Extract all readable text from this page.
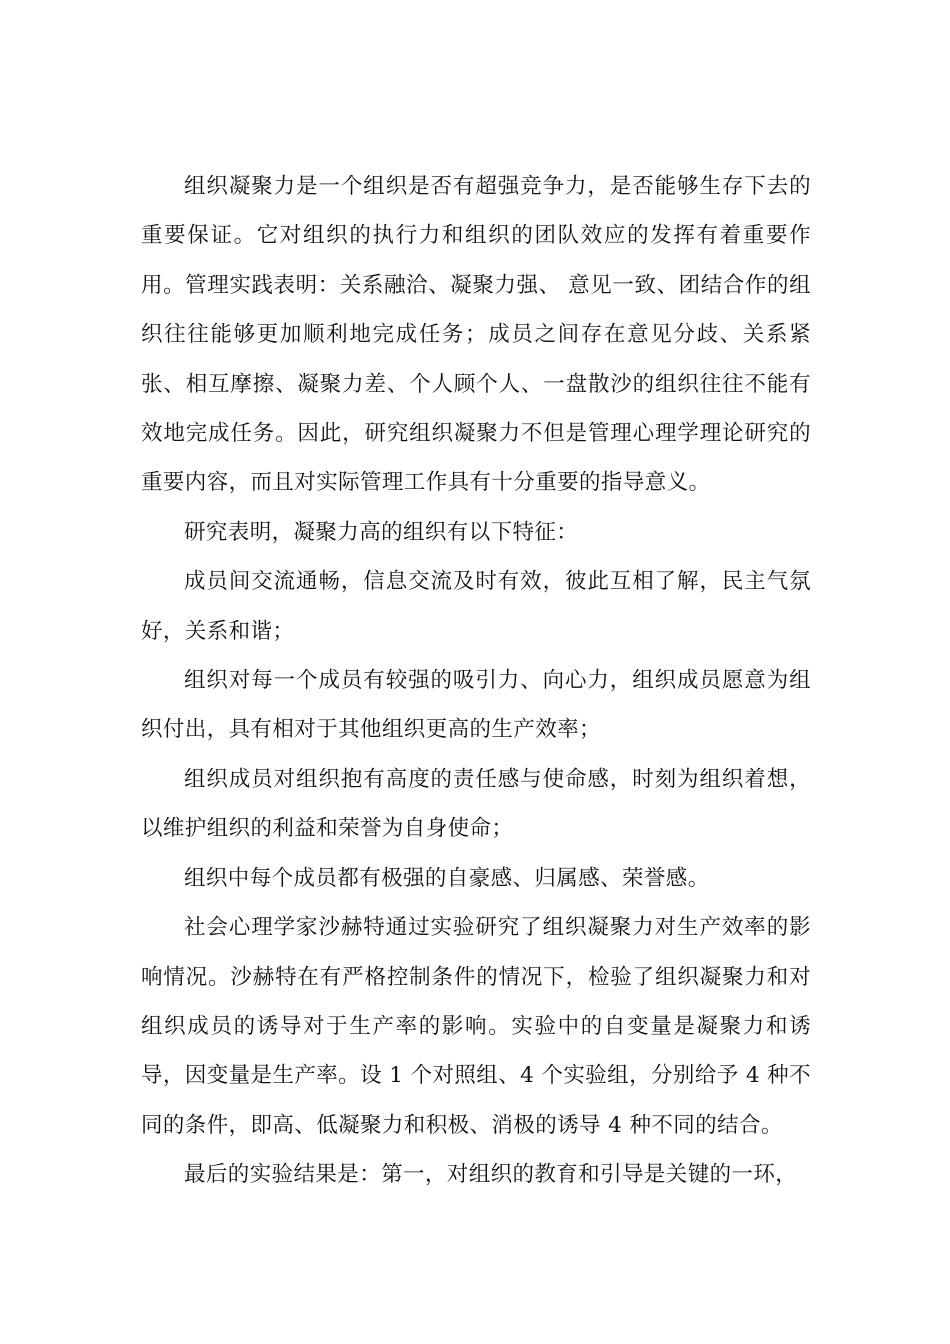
组织凝聚力是一个组织是否有超强竞争力，是否能够生存下去的重要保证。它对组织的执行力和组织的团队效应的发挥有着重要作用。管理实践表明：关系融洽、凝聚力强、 意见一致、团结合作的组织往往能够更加顺利地完成任务；成员之间存在意见分歧、关系紧张、相互摩擦、凝聚力差、个人顾个人、一盘散沙的组织往往不能有效地完成任务。因此，研究组织凝聚力不但是管理心理学理论研究的重要内容，而且对实际管理工作具有十分重要的指导意义。

研究表明，凝聚力高的组织有以下特征：

成员间交流通畅，信息交流及时有效，彼此互相了解，民主气氛好，关系和谐；

组织对每一个成员有较强的吸引力、向心力，组织成员愿意为组织付出，具有相对于其他组织更高的生产效率；

组织成员对组织抱有高度的责任感与使命感，时刻为组织着想，以维护组织的利益和荣誉为自身使命；

组织中每个成员都有极强的自豪感、归属感、荣誉感。

社会心理学家沙赫特通过实验研究了组织凝聚力对生产效率的影响情况。沙赫特在有严格控制条件的情况下，检验了组织凝聚力和对组织成员的诱导对于生产率的影响。实验中的自变量是凝聚力和诱导，因变量是生产率。设 1 个对照组、4 个实验组，分别给予 4 种不同的条件，即高、低凝聚力和积极、消极的诱导 4 种不同的结合。

最后的实验结果是：第一，对组织的教育和引导是关键的一环，
